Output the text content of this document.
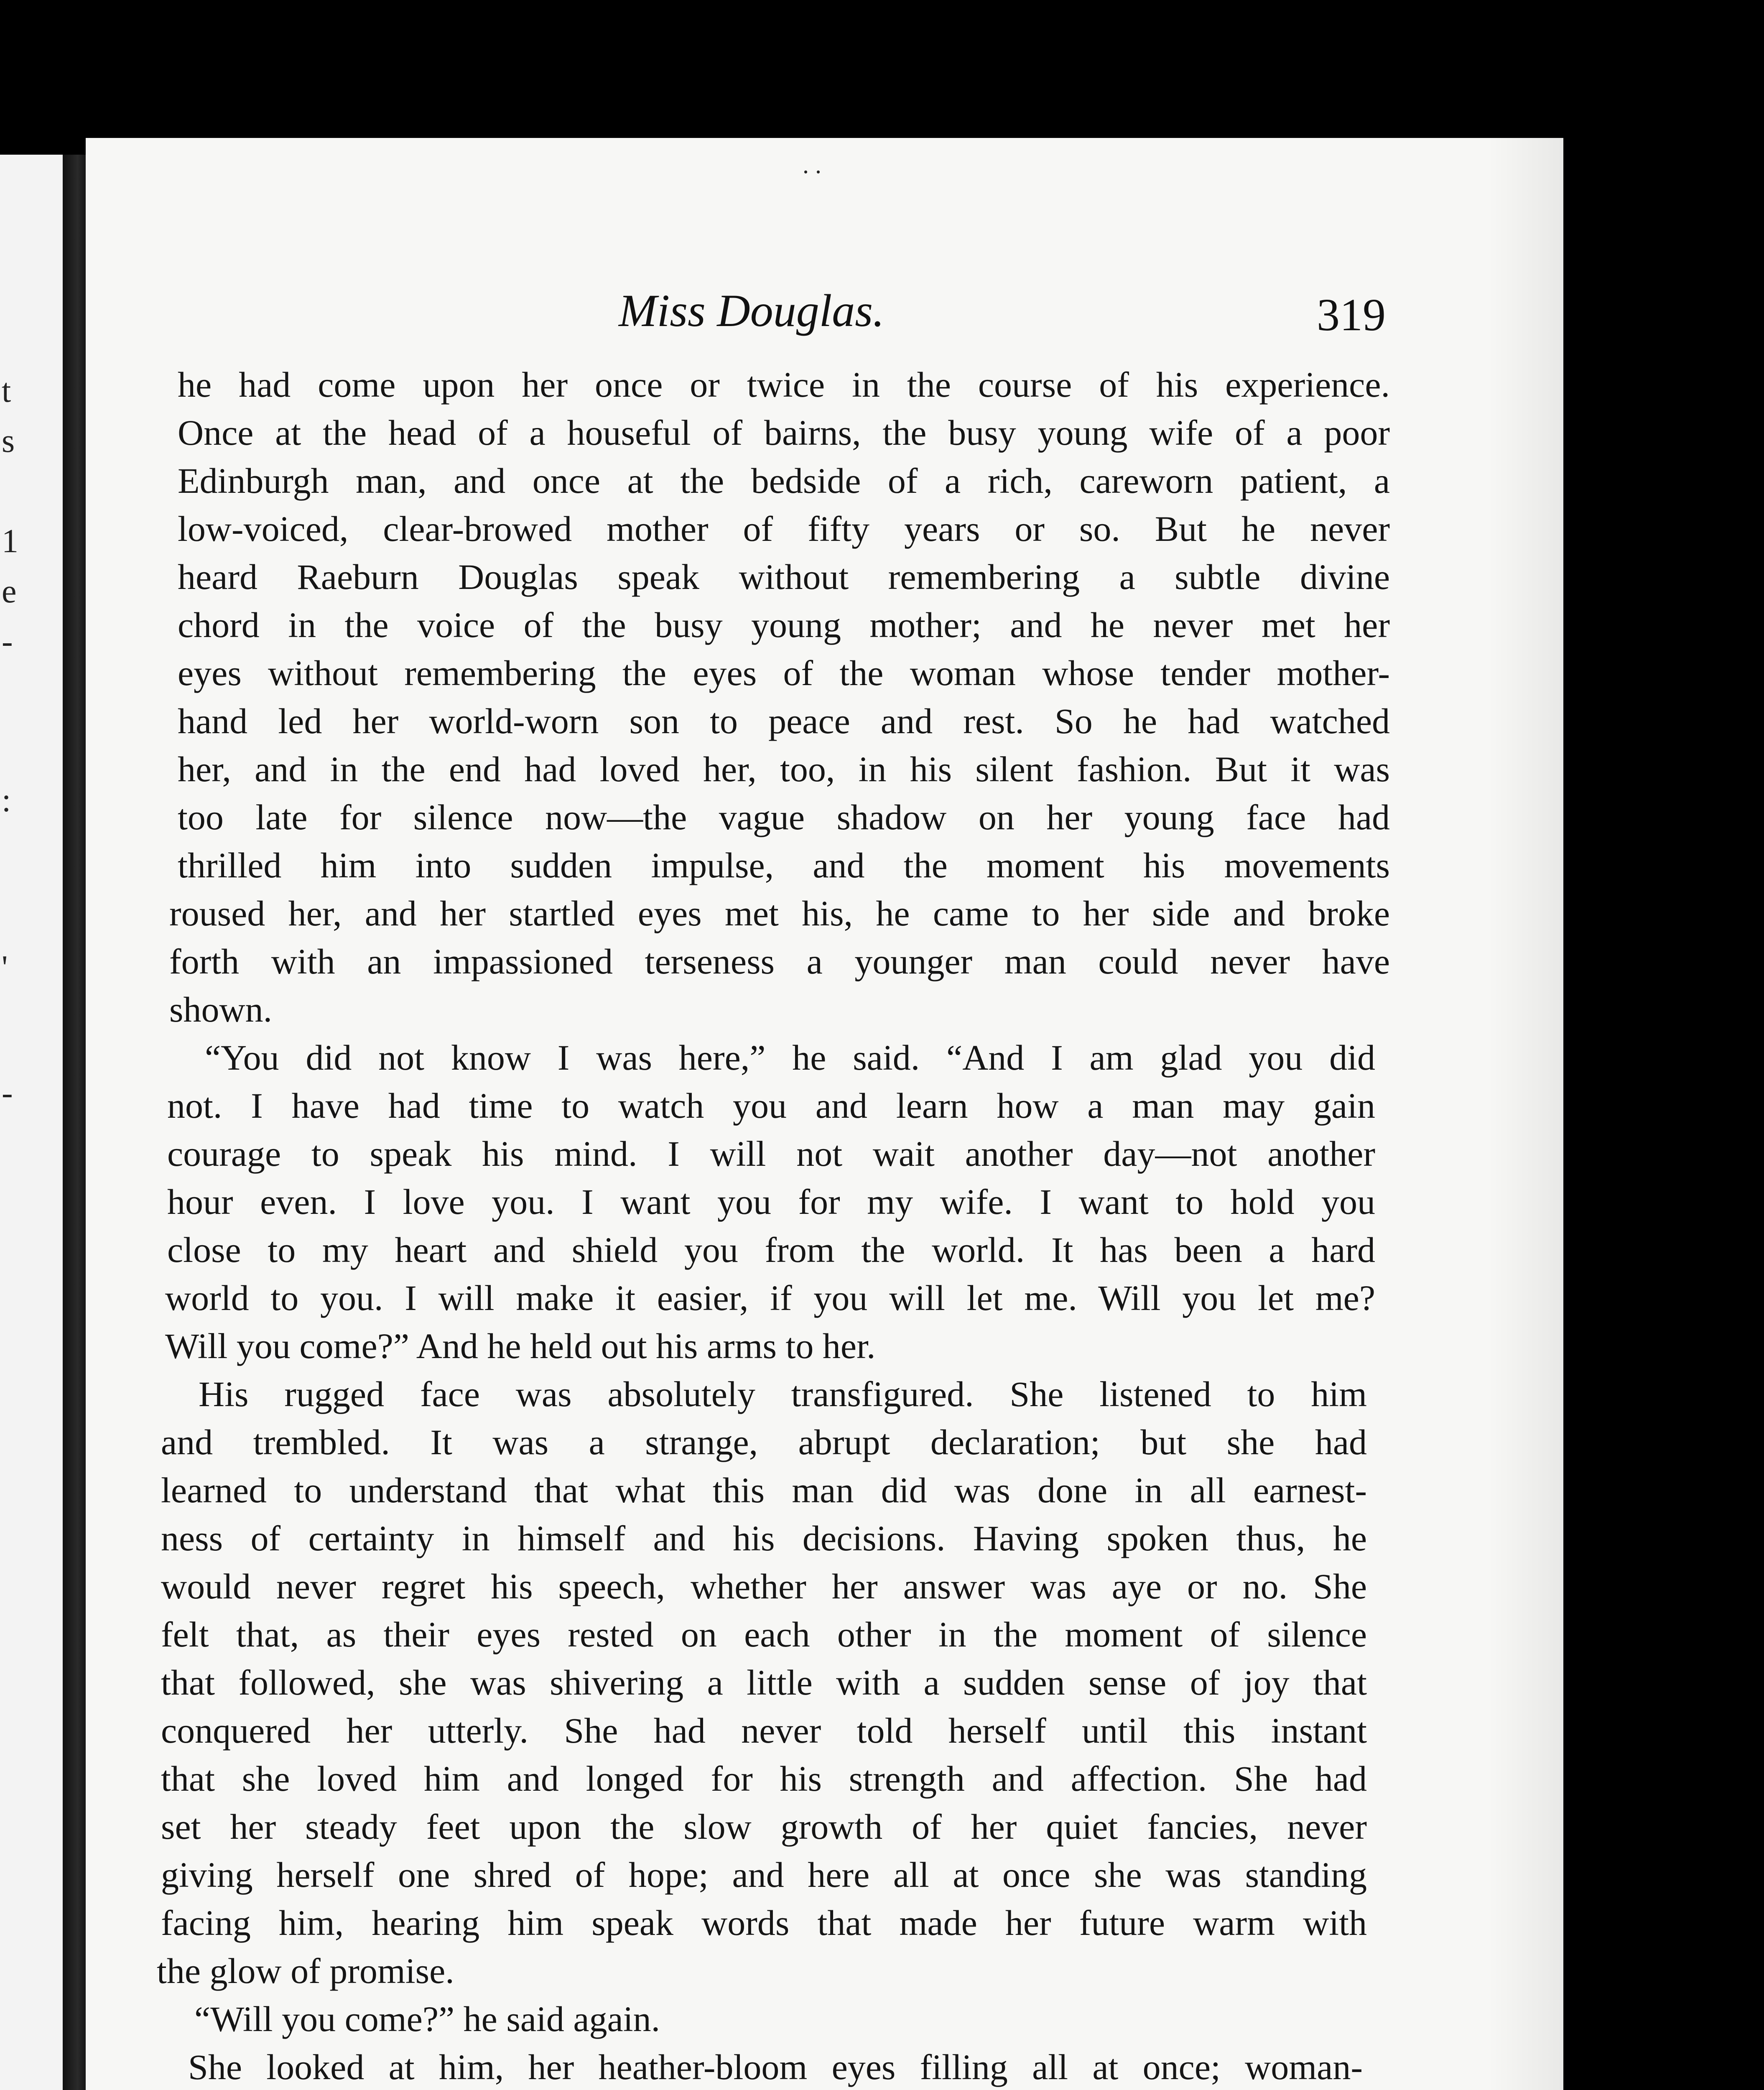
t
s
1
e
-
:
'
-
. .
Miss Douglas.	319
he had come upon her once or twice in the course of his experience.
Once at the head of a houseful of bairns, the busy young wife of a poor
Edinburgh man, and once at the bedside of a rich, careworn patient, a
low-voiced, clear-browed mother of fifty years or so. But he never
heard Raeburn Douglas speak without remembering a subtle divine
chord in the voice of the busy young mother; and he never met her
eyes without remembering the eyes of the woman whose tender mother-
hand led her world-worn son to peace and rest. So he had watched
her, and in the end had loved her, too, in his silent fashion. But it was
too late for silence now—the vague shadow on her young face had
thrilled him into sudden impulse, and the moment his movements
roused her, and her startled eyes met his, he came to her side and broke
forth with an impassioned terseness a younger man could never have
shown.
“You did not know I was here,” he said. “And I am glad you did
not. I have had time to watch you and learn how a man may gain
courage to speak his mind. I will not wait another day—not another
hour even. I love you. I want you for my wife. I want to hold you
close to my heart and shield you from the world. It has been a hard
world to you. I will make it easier, if you will let me. Will you let me?
Will you come?” And he held out his arms to her.
His rugged face was absolutely transfigured. She listened to him
and trembled. It was a strange, abrupt declaration; but she had
learned to understand that what this man did was done in all earnest-
ness of certainty in himself and his decisions. Having spoken thus, he
would never regret his speech, whether her answer was aye or no. She
felt that, as their eyes rested on each other in the moment of silence
that followed, she was shivering a little with a sudden sense of joy that
conquered her utterly. She had never told herself until this instant
that she loved him and longed for his strength and affection. She had
set her steady feet upon the slow growth of her quiet fancies, never
giving herself one shred of hope; and here all at once she was standing
facing him, hearing him speak words that made her future warm with
the glow of promise.
“Will you come?” he said again.
She looked at him, her heather-bloom eyes filling all at once; woman-
